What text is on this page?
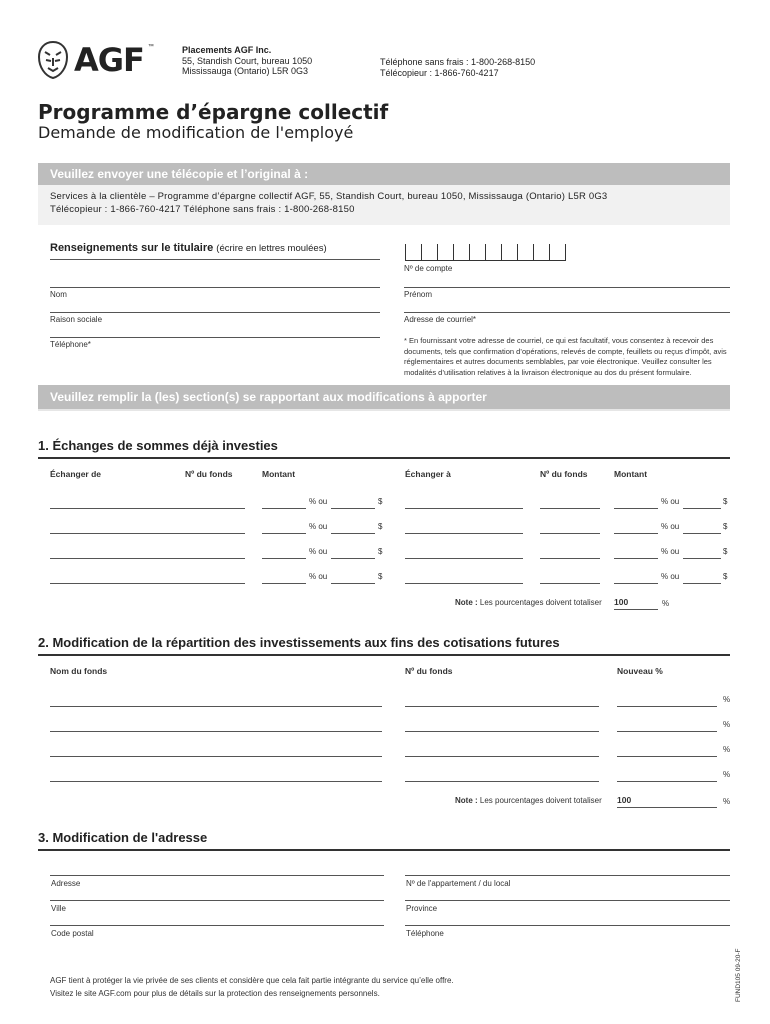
AGF ™	Placements AGF Inc.
55, Standish Court, bureau 1050
Mississauga (Ontario) L5R 0G3
Téléphone sans frais : 1-800-268-8150
Télécopieur : 1-866-760-4217
Programme d’épargne collectif
Demande de modification de l'employé
Veuillez envoyer une télécopie et l’original à :
Services à la clientèle – Programme d’épargne collectif AGF, 55, Standish Court, bureau 1050, Mississauga (Ontario) L5R 0G3
Télécopieur : 1-866-760-4217 Téléphone sans frais : 1-800-268-8150
Renseignements sur le titulaire (écrire en lettres moulées)
Nº de compte
Nom	Prénom
Raison sociale	Adresse de courriel*
Téléphone*	* En fournissant votre adresse de courriel, ce qui est facultatif, vous consentez à recevoir des documents, tels que confirmation d’opérations, relevés de compte, feuillets ou reçus d’impôt, avis réglementaires et autres documents semblables, par voie électronique. Veuillez consulter les modalités d’utilisation relatives à la livraison électronique au dos du présent formulaire.
Veuillez remplir la (les) section(s) se rapportant aux modifications à apporter
1. Échanges de sommes déjà investies
Échanger de	Nº du fonds	Montant	Échanger à	Nº du fonds	Montant
% ou	$	% ou	$
% ou	$	% ou	$
% ou	$	% ou	$
% ou	$	% ou	$
Note : Les pourcentages doivent totaliser 100	%
2. Modification de la répartition des investissements aux fins des cotisations futures
Nom du fonds	Nº du fonds	Nouveau %
%
%
%
%
Note : Les pourcentages doivent totaliser 100	%
3. Modification de l'adresse
Adresse	Nº de l'appartement / du local
Ville	Province
Code postal	Téléphone
AGF tient à protéger la vie privée de ses clients et considère que cela fait partie intégrante du service qu’elle offre.
Visitez le site AGF.com pour plus de détails sur la protection des renseignements personnels.	FUND105 09-20-F
